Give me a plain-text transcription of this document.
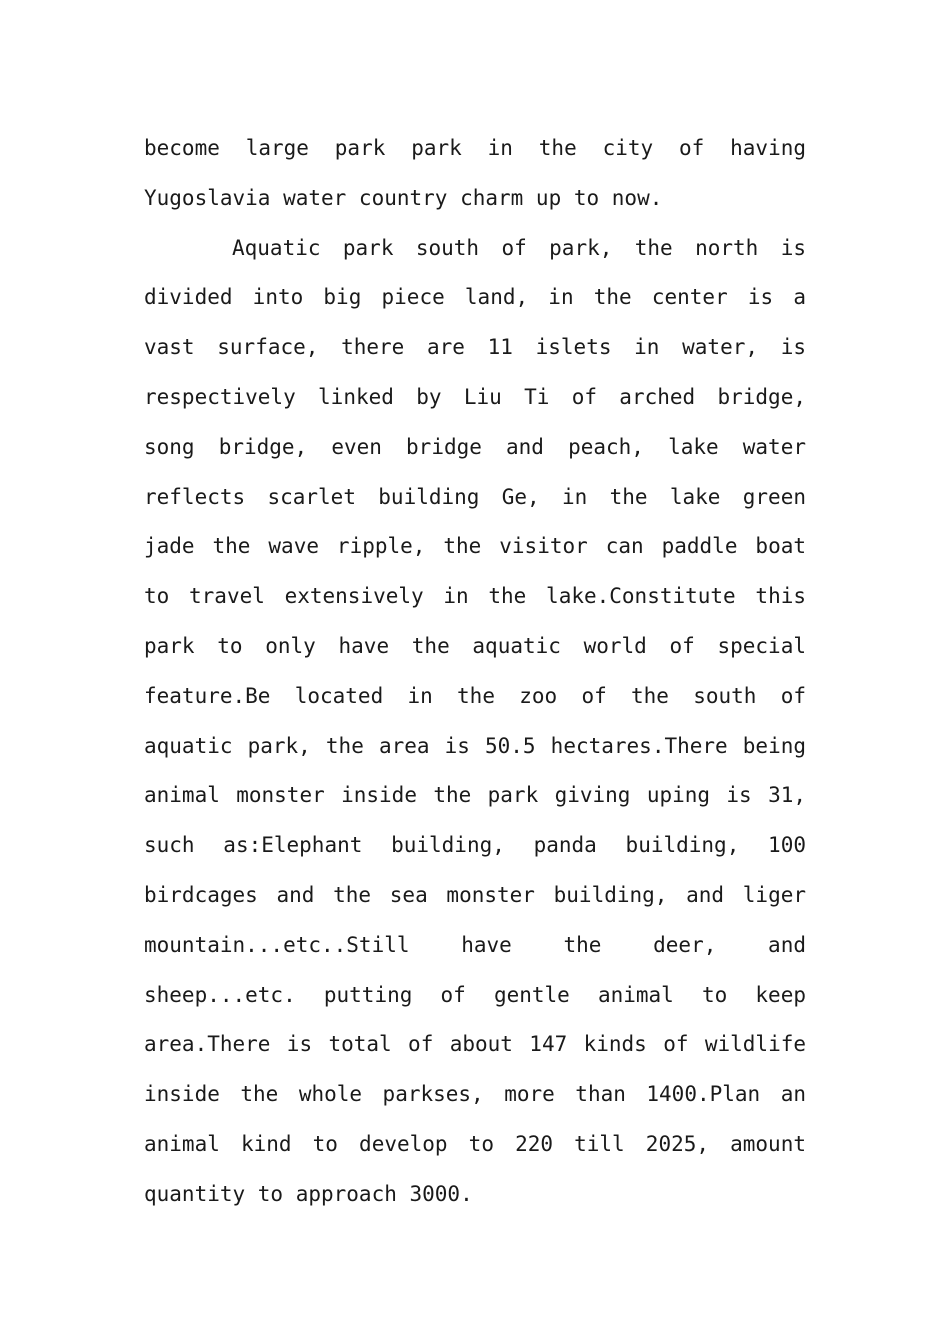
become large park park in the city of having
Yugoslavia water country charm up to now.
Aquatic park south of park, the north is
divided into big piece land, in the center is a
vast surface, there are 11 islets in water, is
respectively linked by Liu Ti of arched bridge,
song bridge, even bridge and peach, lake water
reflects scarlet building Ge, in the lake green
jade the wave ripple, the visitor can paddle boat
to travel extensively in the lake.Constitute this
park to only have the aquatic world of special
feature.Be located in the zoo of the south of
aquatic park, the area is 50.5 hectares.There being
animal monster inside the park giving uping is 31,
such as:Elephant building, panda building, 100
birdcages and the sea monster building, and liger
mountain...etc..Still have the deer, and
sheep...etc. putting of gentle animal to keep
area.There is total of about 147 kinds of wildlife
inside the whole parkses, more than 1400.Plan an
animal kind to develop to 220 till 2025, amount
quantity to approach 3000.
